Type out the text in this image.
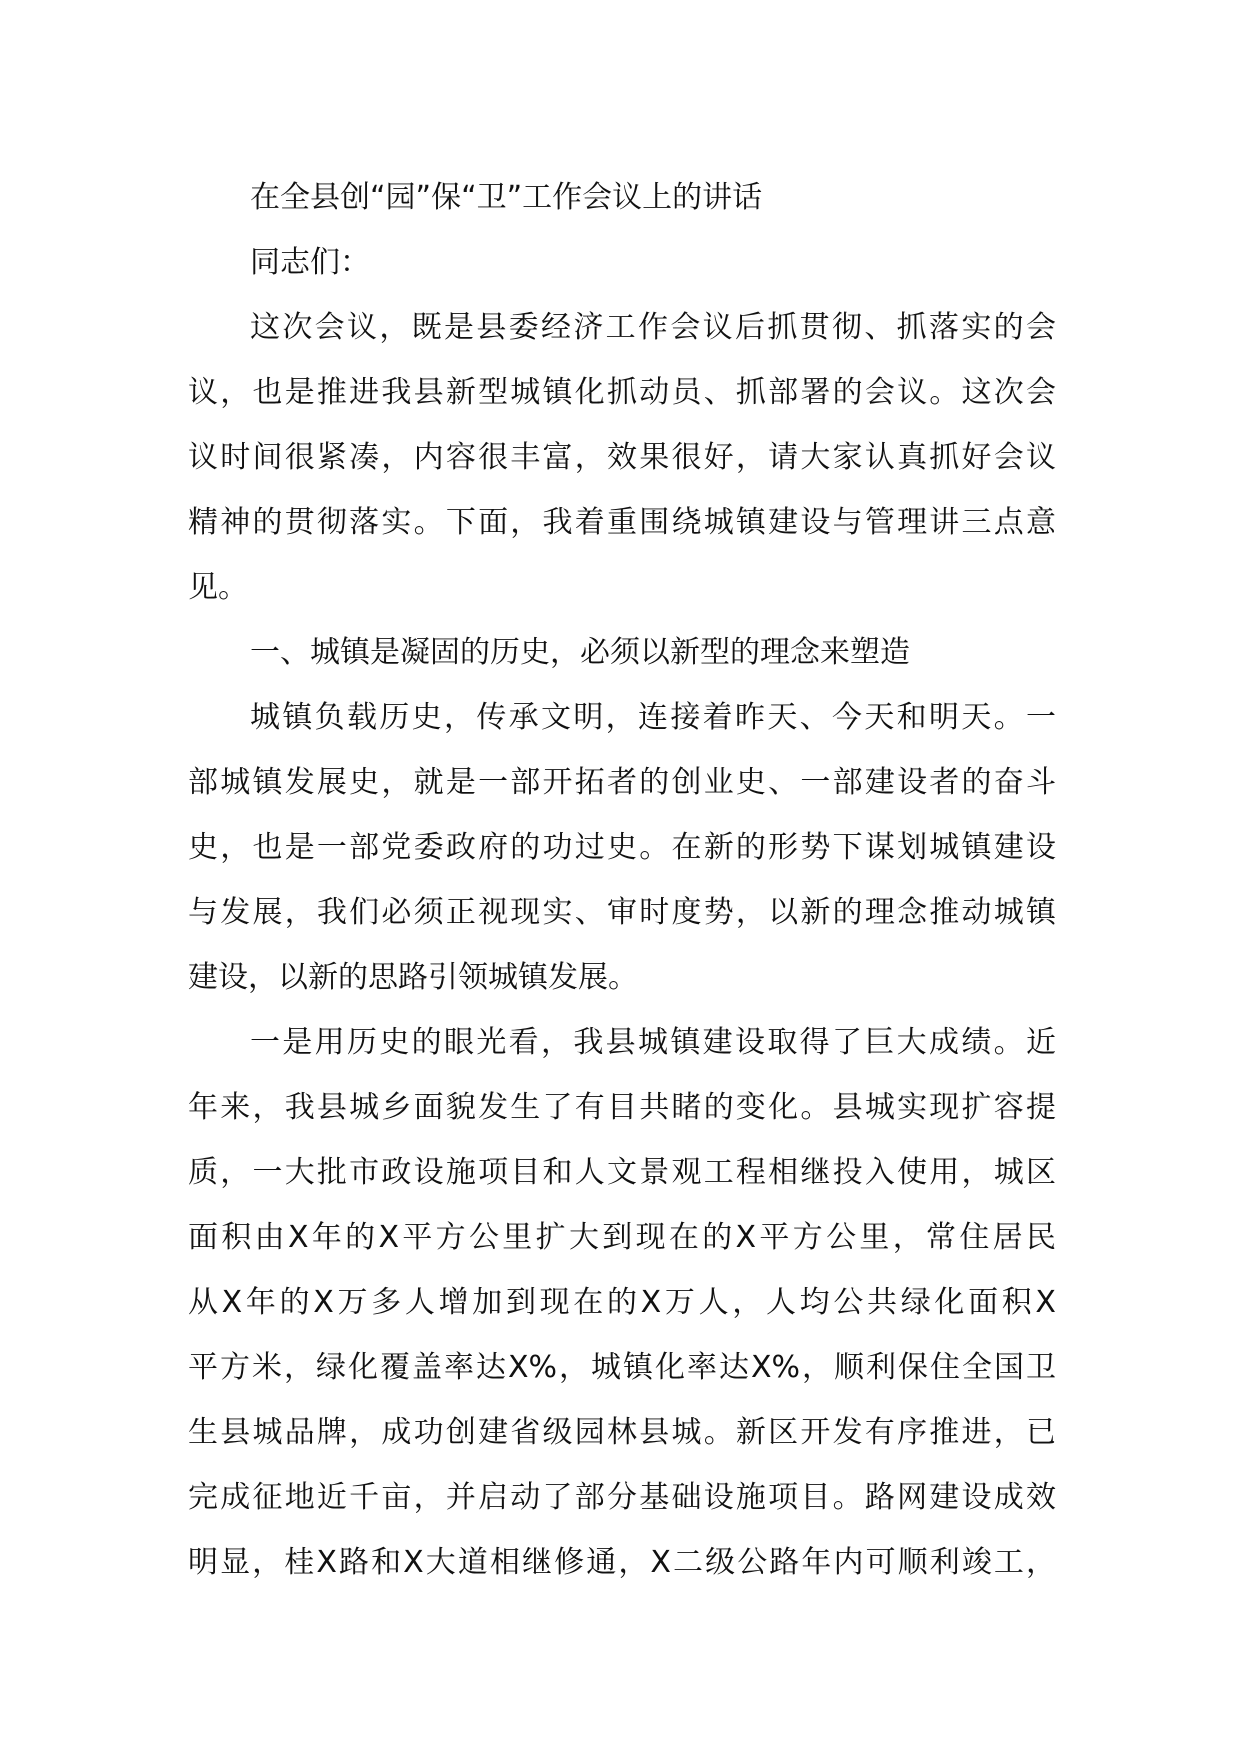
在全县创“园”保“卫”工作会议上的讲话
同志们：
这次会议，既是县委经济工作会议后抓贯彻、抓落实的会
议，也是推进我县新型城镇化抓动员、抓部署的会议。这次会
议时间很紧凑，内容很丰富，效果很好，请大家认真抓好会议
精神的贯彻落实。下面，我着重围绕城镇建设与管理讲三点意
见。
一、城镇是凝固的历史，必须以新型的理念来塑造
城镇负载历史，传承文明，连接着昨天、今天和明天。一
部城镇发展史，就是一部开拓者的创业史、一部建设者的奋斗
史，也是一部党委政府的功过史。在新的形势下谋划城镇建设
与发展，我们必须正视现实、审时度势，以新的理念推动城镇
建设，以新的思路引领城镇发展。
一是用历史的眼光看，我县城镇建设取得了巨大成绩。近
年来，我县城乡面貌发生了有目共睹的变化。县城实现扩容提
质，一大批市政设施项目和人文景观工程相继投入使用，城区
面积由X年的X平方公里扩大到现在的X平方公里，常住居民
从X年的X万多人增加到现在的X万人，人均公共绿化面积X
平方米，绿化覆盖率达X%，城镇化率达X%，顺利保住全国卫
生县城品牌，成功创建省级园林县城。新区开发有序推进，已
完成征地近千亩，并启动了部分基础设施项目。路网建设成效
明显，桂X路和X大道相继修通，X二级公路年内可顺利竣工，
